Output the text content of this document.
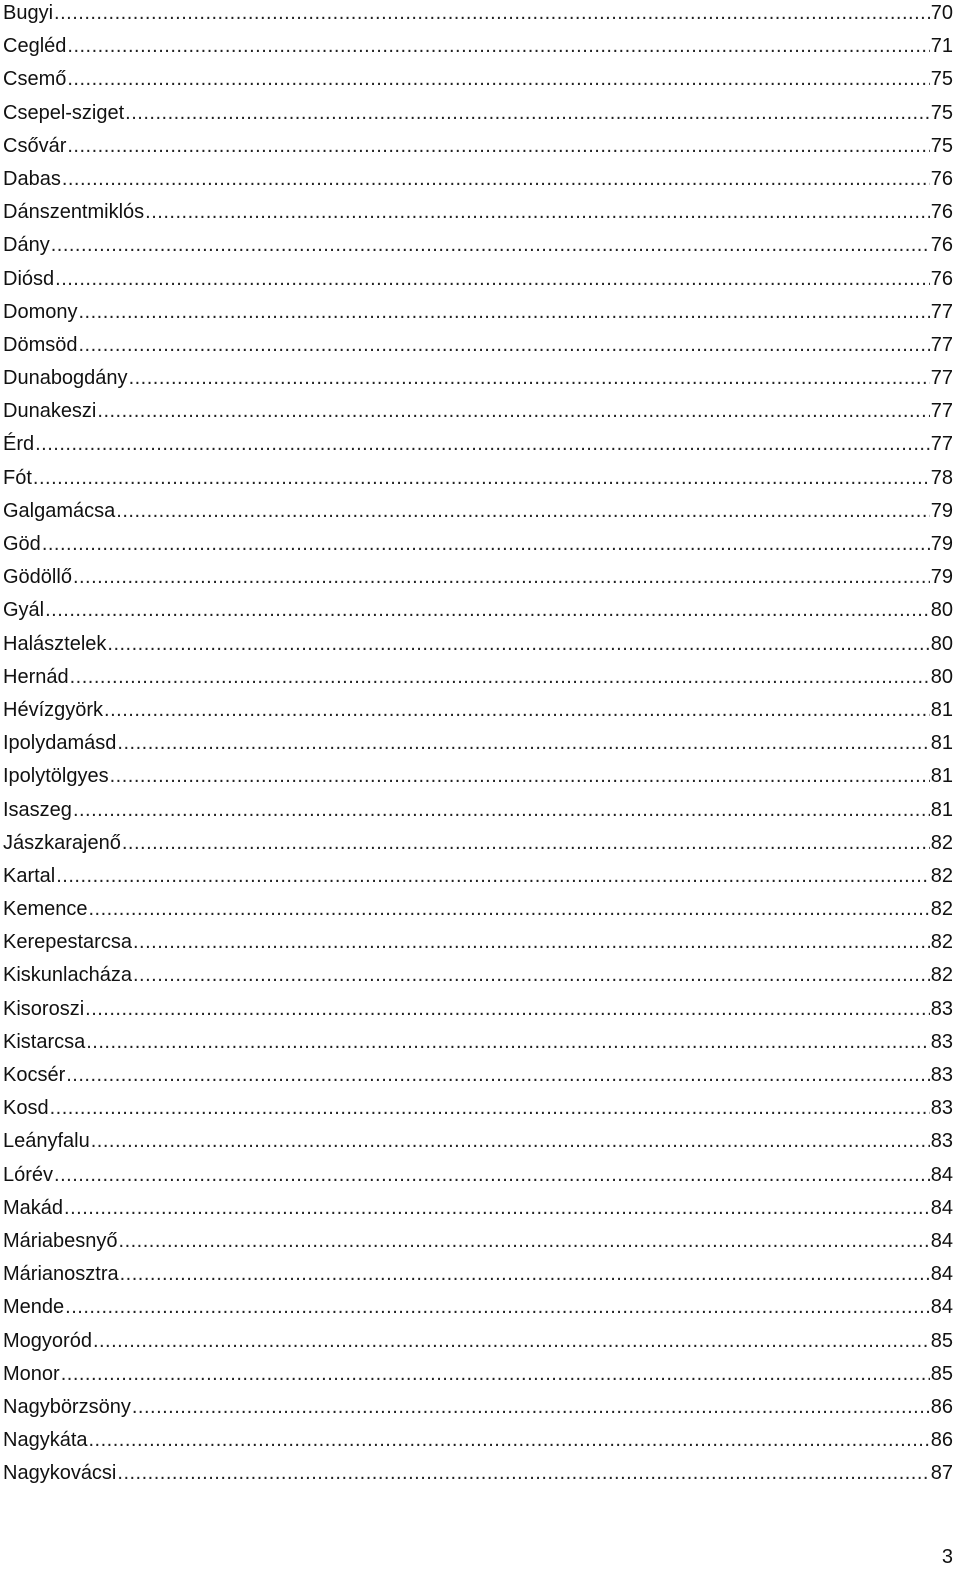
Bugyi .....	70
Cegléd .....	71
Csemő .....	75
Csepel-sziget .....	75
Csővár .....	75
Dabas .....	76
Dánszentmiklós .....	76
Dány .....	76
Diósd .....	76
Domony .....	77
Dömsöd .....	77
Dunabogdány .....	77
Dunakeszi .....	77
Érd .....	77
Fót .....	78
Galgamácsa .....	79
Göd .....	79
Gödöllő .....	79
Gyál .....	80
Halásztelek .....	80
Hernád .....	80
Hévízgyörk .....	81
Ipolydamásd .....	81
Ipolytölgyes .....	81
Isaszeg .....	81
Jászkarajenő .....	82
Kartal .....	82
Kemence .....	82
Kerepestarcsa .....	82
Kiskunlacháza .....	82
Kisoroszi .....	83
Kistarcsa .....	83
Kocsér .....	83
Kosd .....	83
Leányfalu .....	83
Lórév .....	84
Makád .....	84
Máriabesnyő .....	84
Márianosztra .....	84
Mende .....	84
Mogyoród .....	85
Monor .....	85
Nagybörzsöny .....	86
Nagykáta .....	86
Nagykovácsi .....	87
3
